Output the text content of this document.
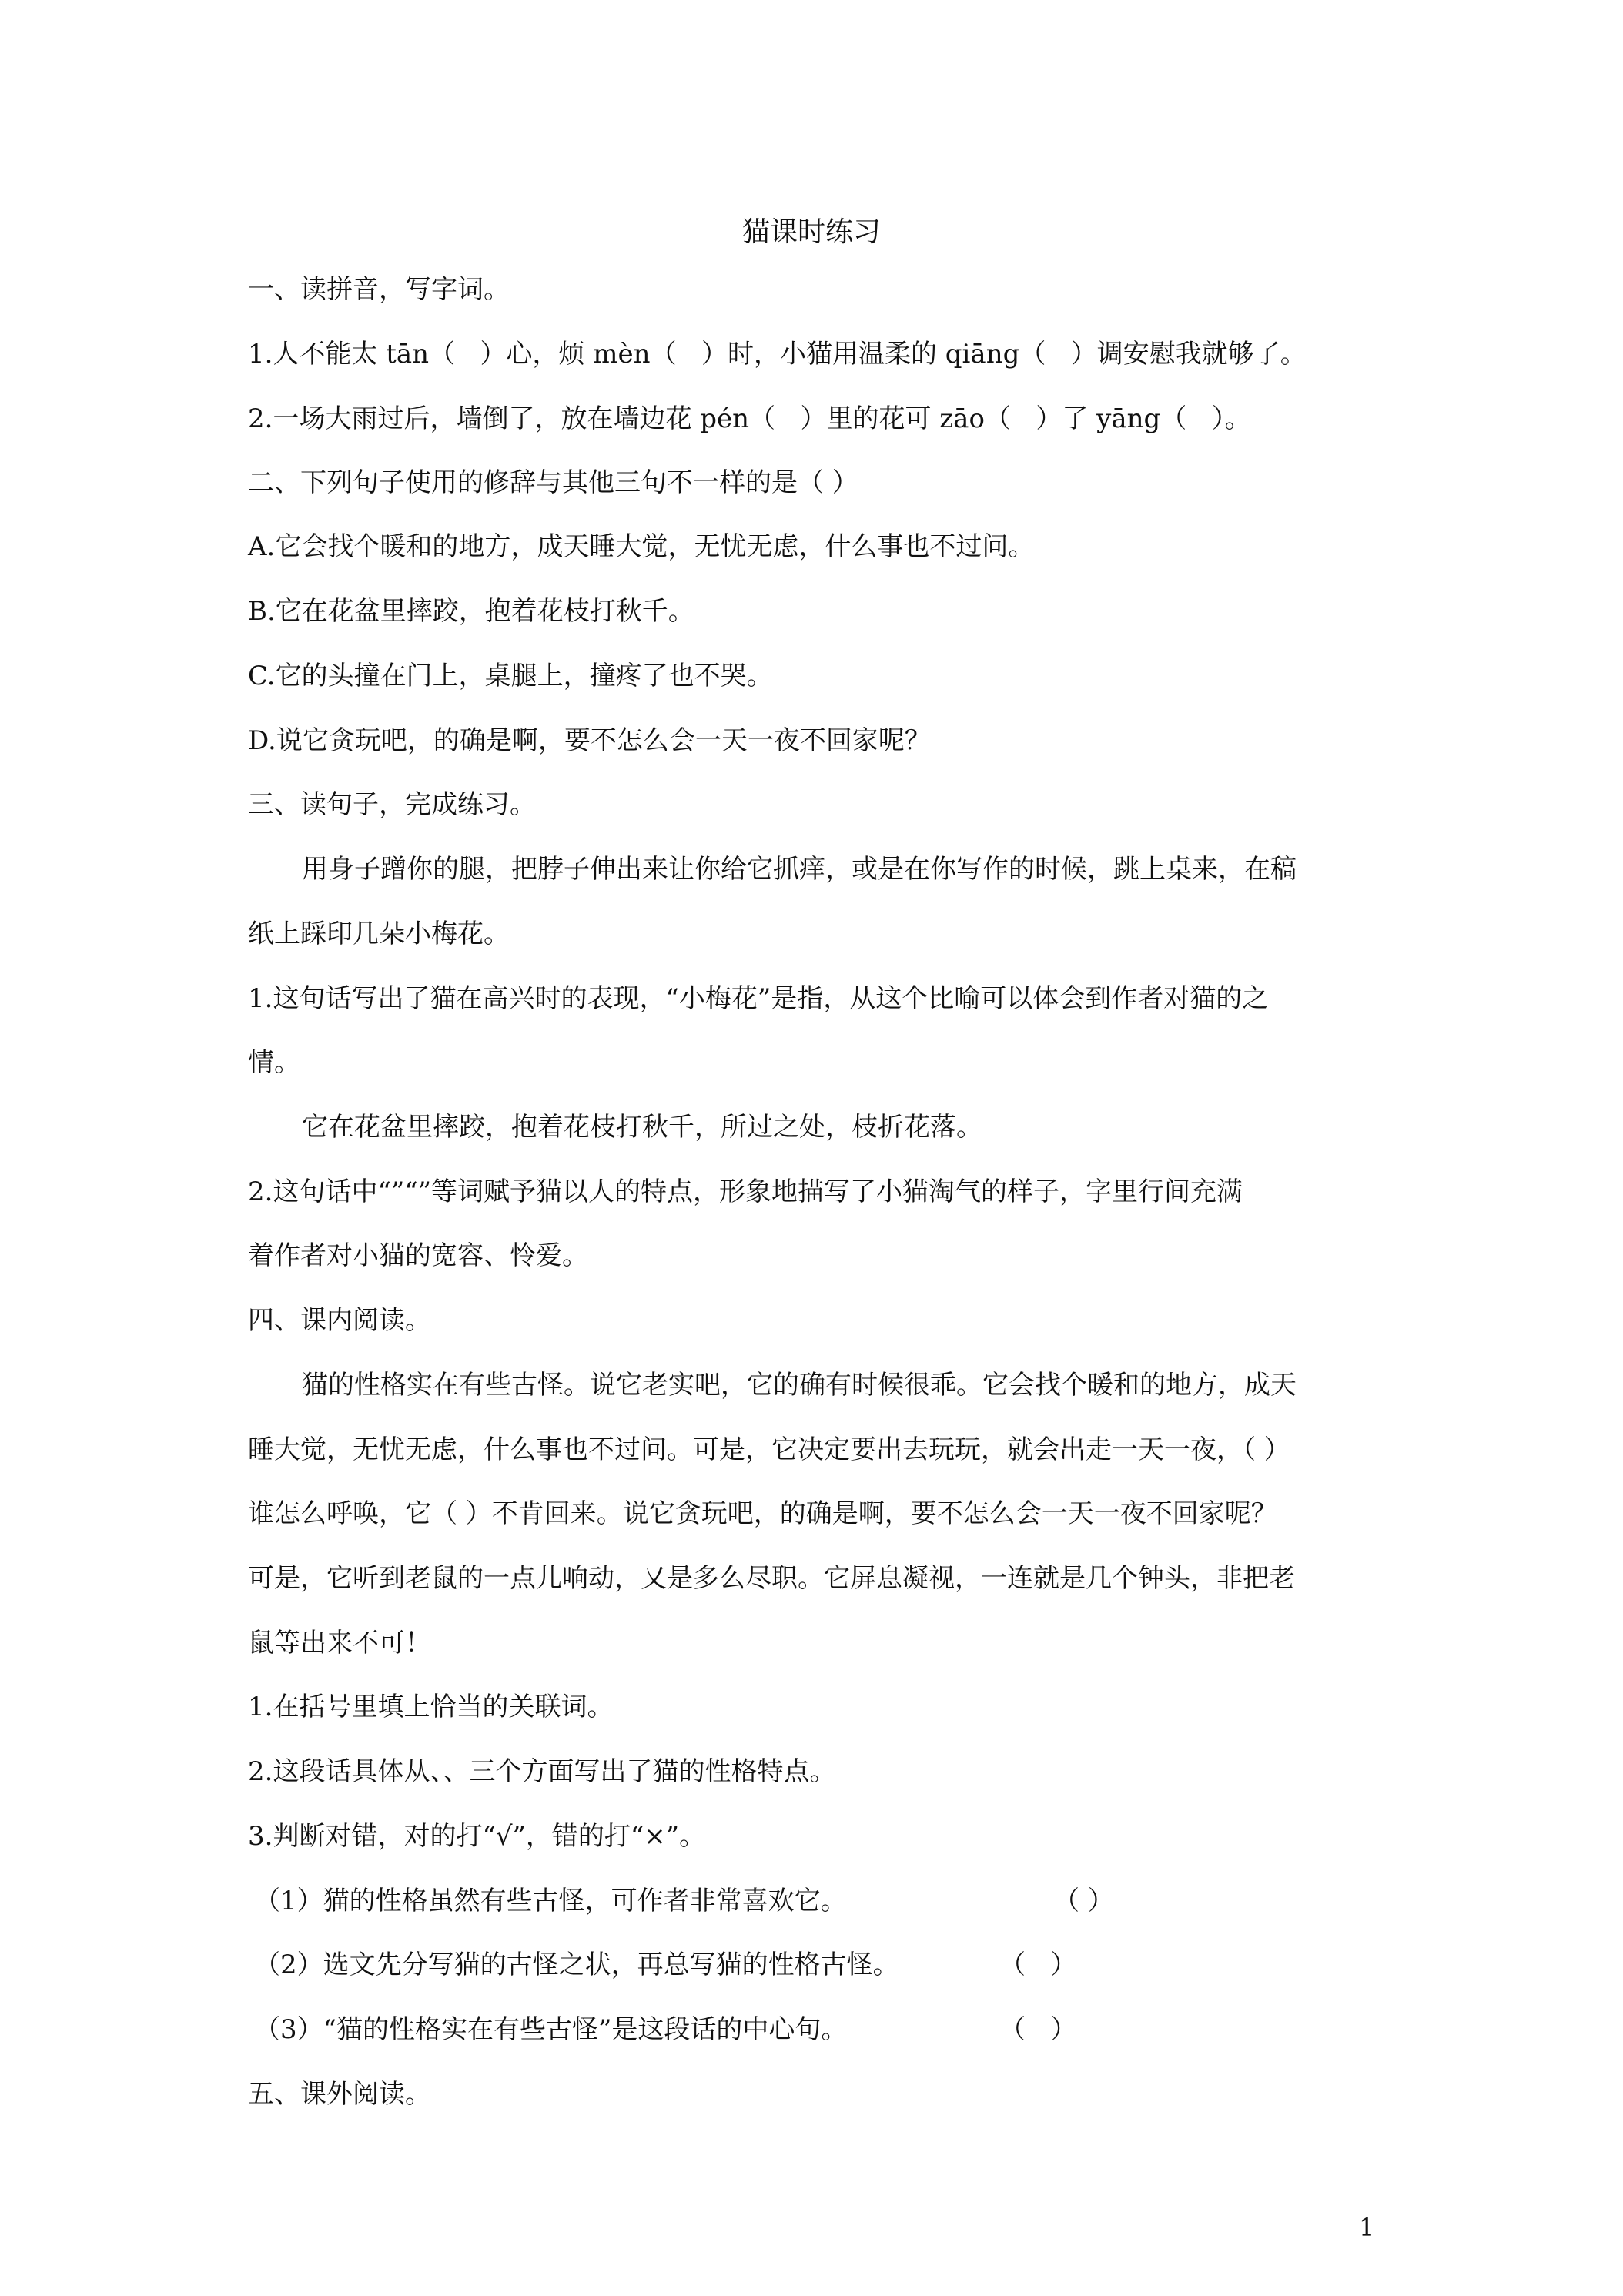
猫课时练习
一、读拼音，写字词。
1.人不能太 tān（   ）心，烦 mèn（   ）时，小猫用温柔的 qiāng（   ）调安慰我就够了。
2.一场大雨过后，墙倒了，放在墙边花 pén（   ）里的花可 zāo（   ）了 yāng（   ）。
二、下列句子使用的修辞与其他三句不一样的是（ ）
A.它会找个暖和的地方，成天睡大觉，无忧无虑，什么事也不过问。
B.它在花盆里摔跤，抱着花枝打秋千。
C.它的头撞在门上，桌腿上，撞疼了也不哭。
D.说它贪玩吧，的确是啊，要不怎么会一天一夜不回家呢？
三、读句子，完成练习。
用身子蹭你的腿，把脖子伸出来让你给它抓痒，或是在你写作的时候，跳上桌来，在稿
纸上踩印几朵小梅花。
1.这句话写出了猫在高兴时的表现，“小梅花”是指，从这个比喻可以体会到作者对猫的之
情。
它在花盆里摔跤，抱着花枝打秋千，所过之处，枝折花落。
2.这句话中“”“”等词赋予猫以人的特点，形象地描写了小猫淘气的样子，字里行间充满
着作者对小猫的宽容、怜爱。
四、课内阅读。
猫的性格实在有些古怪。说它老实吧，它的确有时候很乖。它会找个暖和的地方，成天
睡大觉，无忧无虑，什么事也不过问。可是，它决定要出去玩玩，就会出走一天一夜，（ ）
谁怎么呼唤，它（ ）不肯回来。说它贪玩吧，的确是啊，要不怎么会一天一夜不回家呢？
可是，它听到老鼠的一点儿响动，又是多么尽职。它屏息凝视，一连就是几个钟头，非把老
鼠等出来不可！
1.在括号里填上恰当的关联词。
2.这段话具体从、、三个方面写出了猫的性格特点。
3.判断对错，对的打“√”，错的打“×”。
（1）猫的性格虽然有些古怪，可作者非常喜欢它。	（ ）
（2）选文先分写猫的古怪之状，再总写猫的性格古怪。	（   ）
（3）“猫的性格实在有些古怪”是这段话的中心句。	（   ）
五、课外阅读。
1
